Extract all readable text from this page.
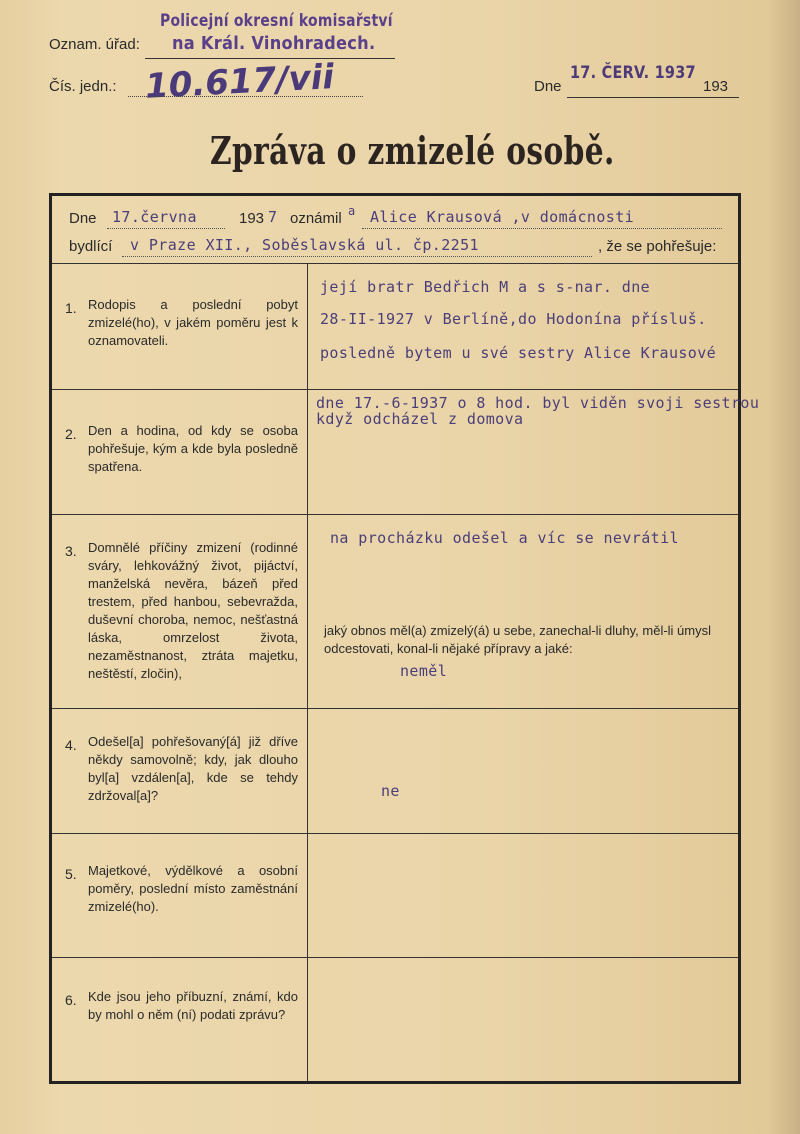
Oznam. úřad:
Policejní okresní komisařství
na Král. Vinohradech.
Čís. jedn.: 10.617/vii	Dne
17. ČERV. 1937
193
Zpráva o zmizelé osobě.
Dne 17.června	193 7 oznámil a Alice Krausová ,v domácnosti
bydlící v Praze XII., Soběslavská ul. čp.2251	, že se pohřešuje:
1. Rodopis a poslední pobyt zmizelé(ho), v jakém poměru jest k oznamovateli.
její bratr Bedřich M a s s-nar. dne
28-II-1927 v Berlíně,do Hodonína přísluš.
posledně bytem u své sestry Alice Krausové
2. Den a hodina, od kdy se osoba pohřešuje, kým a kde byla posledně spatřena.
dne 17.-6-1937 o 8 hod. byl viděn svoji sestrou
když odcházel z domova
3. Domnělé příčiny zmizení (rodinné sváry, lehkovážný život, pijáctví, manželská nevěra, bázeň před trestem, před hanbou, sebevražda, duševní choroba, nemoc, nešťastná láska, omrzelost života, nezaměstnanost, ztráta majetku, neštěstí, zločin),
na procházku odešel a víc se nevrátil
jaký obnos měl(a) zmizelý(á) u sebe, zanechal-li dluhy, měl-li úmysl odcestovati, konal-li nějaké přípravy a jaké:
neměl
4. Odešel[a] pohřešovaný[á] již dříve někdy samovolně; kdy, jak dlouho byl[a] vzdálen[a], kde se tehdy zdržoval[a]?	ne
5. Majetkové, výdělkové a osobní poměry, poslední místo zaměstnání zmizelé(ho).
6. Kde jsou jeho příbuzní, známí, kdo by mohl o něm (ní) podati zprávu?
